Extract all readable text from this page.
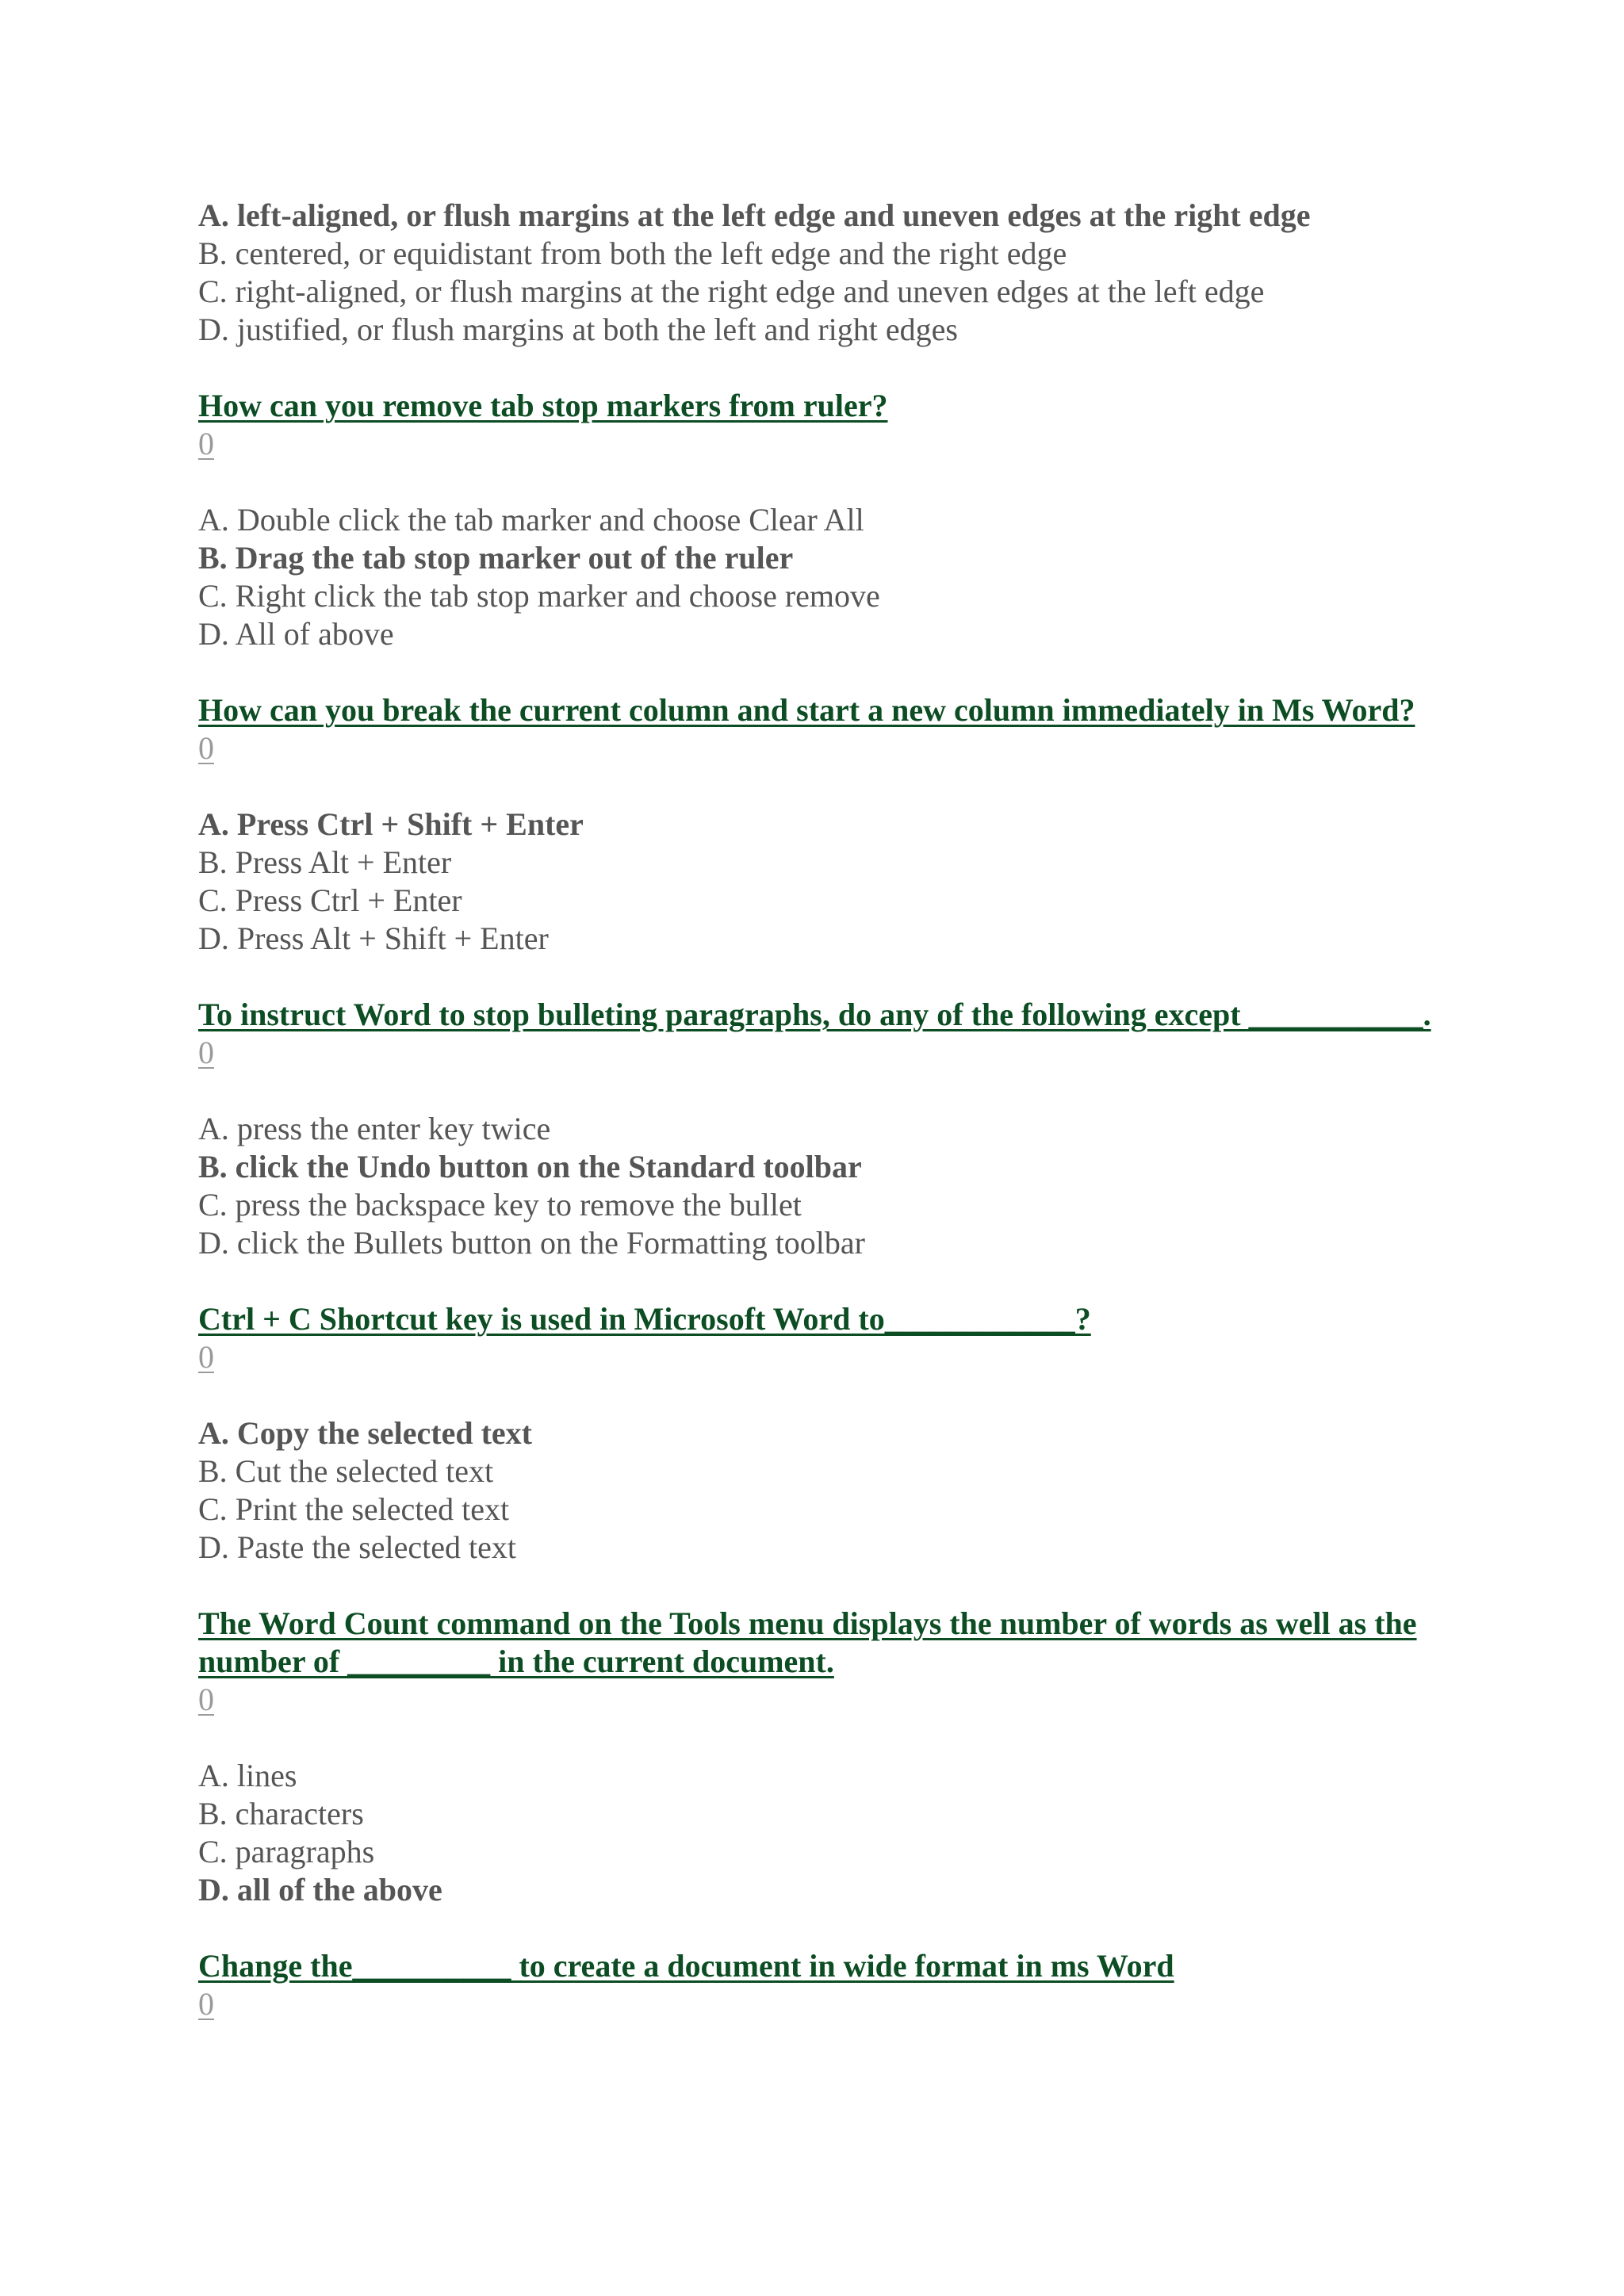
A. left-aligned, or flush margins at the left edge and uneven edges at the right edge
B. centered, or equidistant from both the left edge and the right edge
C. right-aligned, or flush margins at the right edge and uneven edges at the left edge
D. justified, or flush margins at both the left and right edges
How can you remove tab stop markers from ruler?
0
A. Double click the tab marker and choose Clear All
B. Drag the tab stop marker out of the ruler
C. Right click the tab stop marker and choose remove
D. All of above
How can you break the current column and start a new column immediately in Ms Word?
0
A. Press Ctrl + Shift + Enter
B. Press Alt + Enter
C. Press Ctrl + Enter
D. Press Alt + Shift + Enter
To instruct Word to stop bulleting paragraphs, do any of the following except ___________.
0
A. press the enter key twice
B. click the Undo button on the Standard toolbar
C. press the backspace key to remove the bullet
D. click the Bullets button on the Formatting toolbar
Ctrl + C Shortcut key is used in Microsoft Word to____________?
0
A. Copy the selected text
B. Cut the selected text
C. Print the selected text
D. Paste the selected text
The Word Count command on the Tools menu displays the number of words as well as the number of _________ in the current document.
0
A. lines
B. characters
C. paragraphs
D. all of the above
Change the__________ to create a document in wide format in ms Word
0
